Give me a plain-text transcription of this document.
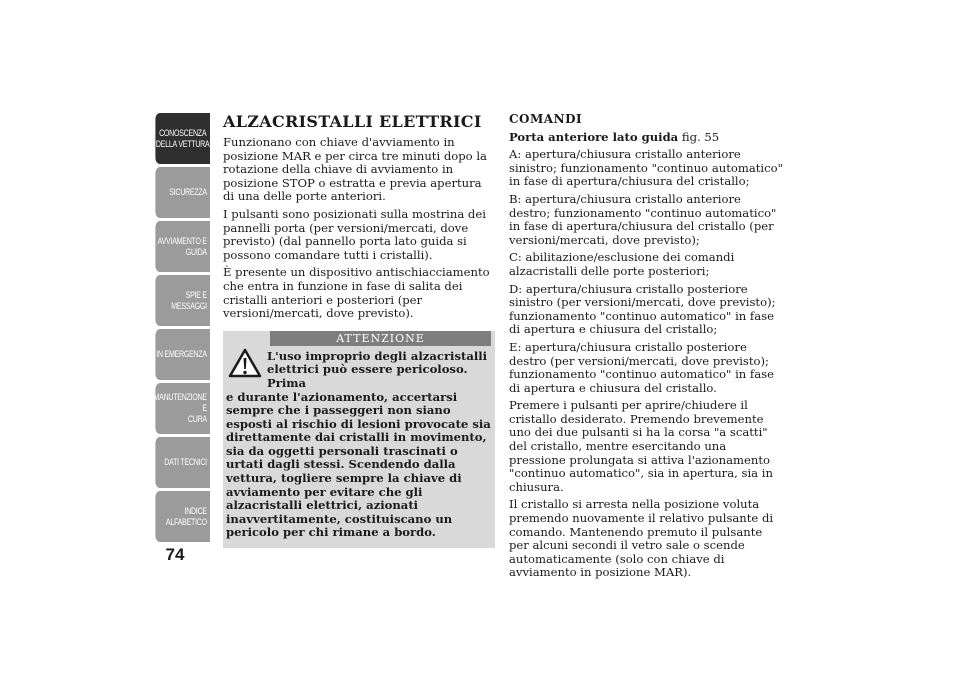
CONOSCENZA
DELLA VETTURA
SICUREZZA
AVVIAMENTO E
GUIDA
SPIE E MESSAGGI
IN EMERGENZA
MANUTENZIONE E
CURA
DATI TECNICI
INDICE
ALFABETICO
74
ALZACRISTALLI ELETTRICI

Funzionano con chiave d'avviamento in posizione MAR e per circa tre minuti dopo la rotazione della chiave di avviamento in posizione STOP o estratta e previa apertura di una delle porte anteriori.

I pulsanti sono posizionati sulla mostrina dei pannelli porta (per versioni/mercati, dove previsto) (dal pannello porta lato guida si possono comandare tutti i cristalli).

È presente un dispositivo antischiacciamento che entra in funzione in fase di salita dei cristalli anteriori e posteriori (per versioni/mercati, dove previsto).

ATTENZIONE
L'uso improprio degli alzacristalli elettrici può essere pericoloso. Prima
e durante l'azionamento, accertarsi sempre che i passeggeri non siano esposti al rischio di lesioni provocate sia direttamente dai cristalli in movimento, sia da oggetti personali trascinati o urtati dagli stessi. Scendendo dalla vettura, togliere sempre la chiave di avviamento per evitare che gli alzacristalli elettrici, azionati inavvertitamente, costituiscano un pericolo per chi rimane a bordo.
COMANDI
Porta anteriore lato guida fig. 55

A: apertura/chiusura cristallo anteriore sinistro; funzionamento "continuo automatico" in fase di apertura/chiusura del cristallo;

B: apertura/chiusura cristallo anteriore destro; funzionamento "continuo automatico" in fase di apertura/chiusura del cristallo (per versioni/mercati, dove previsto);

C: abilitazione/esclusione dei comandi alzacristalli delle porte posteriori;

D: apertura/chiusura cristallo posteriore sinistro (per versioni/mercati, dove previsto); funzionamento "continuo automatico" in fase di apertura e chiusura del cristallo;

E: apertura/chiusura cristallo posteriore destro (per versioni/mercati, dove previsto); funzionamento "continuo automatico" in fase di apertura e chiusura del cristallo.

Premere i pulsanti per aprire/chiudere il cristallo desiderato. Premendo brevemente uno dei due pulsanti si ha la corsa "a scatti" del cristallo, mentre esercitando una pressione prolungata si attiva l'azionamento "continuo automatico", sia in apertura, sia in chiusura.

Il cristallo si arresta nella posizione voluta premendo nuovamente il relativo pulsante di comando. Mantenendo premuto il pulsante per alcuni secondi il vetro sale o scende automaticamente (solo con chiave di avviamento in posizione MAR).
